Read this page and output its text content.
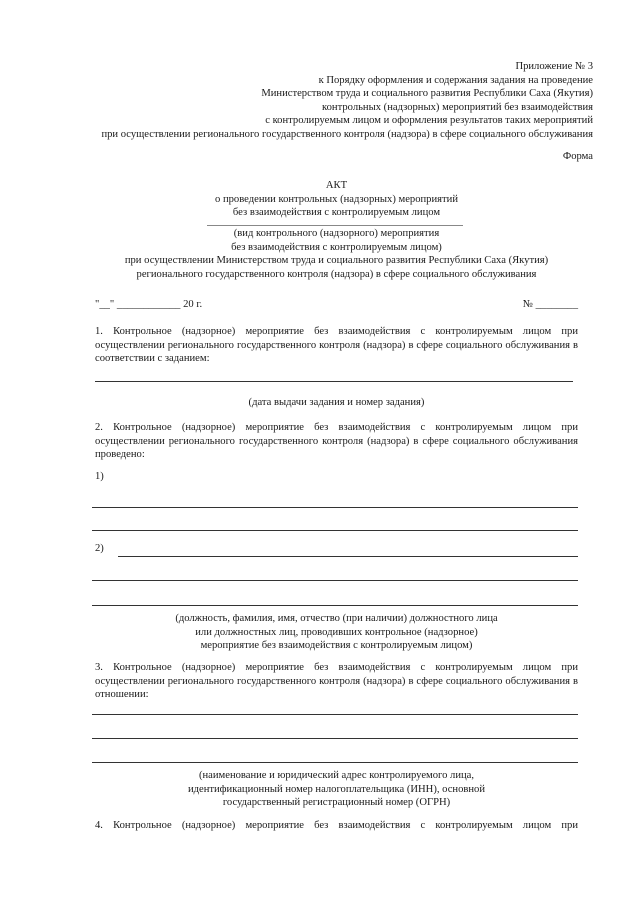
Приложение № 3
к Порядку оформления и содержания задания на проведение
Министерством труда и социального развития Республики Саха (Якутия)
контрольных (надзорных) мероприятий без взаимодействия
с контролируемым лицом и оформления результатов таких мероприятий
при осуществлении регионального государственного контроля (надзора) в сфере социального обслуживания
Форма
АКТ
о проведении контрольных (надзорных) мероприятий
без взаимодействия с контролируемым лицом
(вид контрольного (надзорного) мероприятия
без взаимодействия с контролируемым лицом)
при осуществлении Министерством труда и социального развития Республики Саха (Якутия)
регионального государственного контроля (надзора) в сфере социального обслуживания
"__" ____________ 20 г.	№ ________
1. Контрольное (надзорное) мероприятие без взаимодействия с контролируемым лицом при осуществлении регионального государственного контроля (надзора) в сфере социального обслуживания в соответствии с заданием:
(дата выдачи задания и номер задания)
2. Контрольное (надзорное) мероприятие без взаимодействия с контролируемым лицом при осуществлении регионального государственного контроля (надзора) в сфере социального обслуживания проведено:
1)
2)
(должность, фамилия, имя, отчество (при наличии) должностного лица
или должностных лиц, проводивших контрольное (надзорное)
мероприятие без взаимодействия с контролируемым лицом)
3. Контрольное (надзорное) мероприятие без взаимодействия с контролируемым лицом при осуществлении регионального государственного контроля (надзора) в сфере социального обслуживания в отношении:
(наименование и юридический адрес контролируемого лица,
идентификационный номер налогоплательщика (ИНН), основной
государственный регистрационный номер (ОГРН)
4. Контрольное (надзорное) мероприятие без взаимодействия с контролируемым лицом при
